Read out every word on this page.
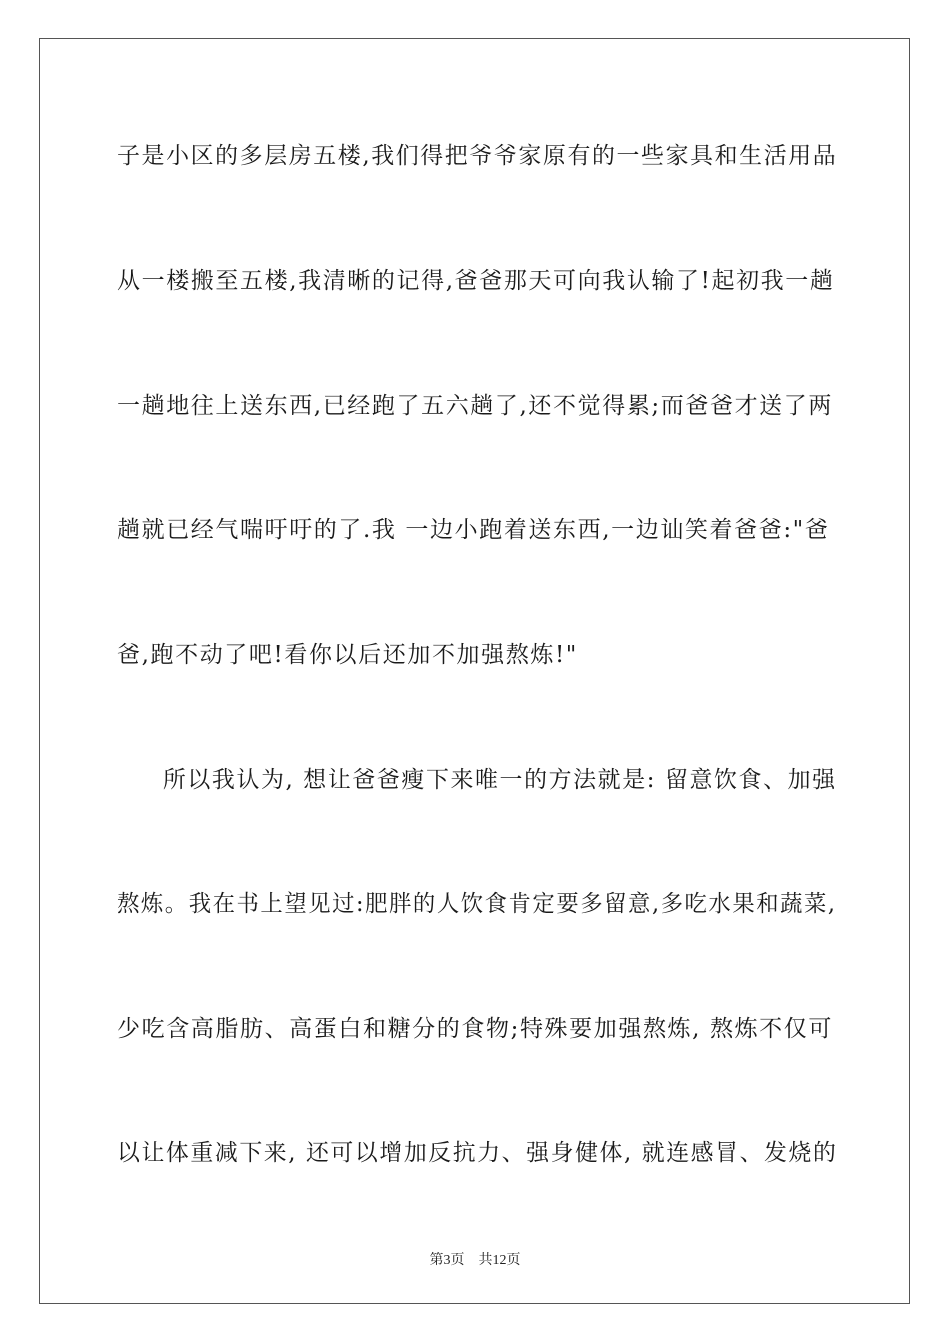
子是小区的多层房五楼,我们得把爷爷家原有的一些家具和生活用品
从一楼搬至五楼,我清晰的记得,爸爸那天可向我认输了!起初我一趟
一趟地往上送东西,已经跑了五六趟了,还不觉得累;而爸爸才送了两
趟就已经气喘吁吁的了.我 一边小跑着送东西,一边讪笑着爸爸:"爸
爸,跑不动了吧!看你以后还加不加强熬炼!"
所以我认为, 想让爸爸瘦下来唯一的方法就是: 留意饮食、加强
熬炼。我在书上望见过:肥胖的人饮食肯定要多留意,多吃水果和蔬菜,
少吃含高脂肪、高蛋白和糖分的食物;特殊要加强熬炼, 熬炼不仅可
以让体重减下来, 还可以增加反抗力、强身健体, 就连感冒、发烧的
第3页 共12页
